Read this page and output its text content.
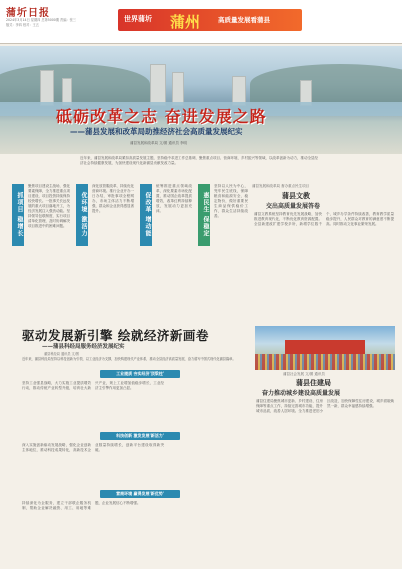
蒲圻日报
2024年3月14日 星期四 总第5000期 责编：张三 版式：李四 校对：王五
世界蒲圻 蒲州	高质量发展看蒲县
砥砺改革之志 奋进发展之路
——蒲县发展和改革局助推经济社会高质量发展纪实
蒲县发展和改革局 文/图 通讯员 李明
近年来，蒲县发展和改革局紧扣高质量发展主题，坚持稳中求进工作总基调，聚焦重点项目、营商环境、乡村振兴等领域，以改革创新为动力，推动全县经济社会持续健康发展，为加快建设现代化新蒲县贡献发改力量。
抓项目 稳增长
聚焦项目建设主战场，强化要素保障，全力推进重点项目建设，项目投资持续保持较快增长。一批事关长远发展的重大项目落地开工，为经济发展注入强劲动能。坚持领导包联制度，实行项目清单化管理，及时协调解决项目推进中的困难问题。	优环境 激活力
深化放管服改革，持续优化营商环境。推行企业开办一日办结，审批事项全程网办，市场主体活力不断增强，群众和企业获得感显著提升。	促改革 增动能
统筹推进重点领域改革，深化要素市场化配置，推动国企改革提质增效，改革红利持续释放，发展动力更加充沛。	惠民生 保稳定
坚持以人民为中心，兜牢民生底线，保障粮食和能源安全，稳定物价，做好重要民生商品保供稳价工作，群众生活持续改善。
蒲县发展和改革局 督办重点民生项目
蒲县文教
交出高质量发展答卷
蒲县文教系统坚持教育优先发展战略，加快推进教育现代化，不断优化教育资源配置。全县新建改扩建学校多所，新增学位数千个，城乡办学条件持续改善，教育教学质量稳步提升，人民群众对教育的满意度不断提高。同时推动文化事业繁荣发展。
驱动发展新引擎 绘就经济新画卷
——蒲县科经局服务经济发展纪实
蒲县科经局 通讯员 文/图
近年来，蒲县科经局坚持以科技创新为引领，以工业经济为支撑，加快构建现代产业体系，推动全县经济高质量发展，奋力谱写中国式现代化蒲县篇章。
工业提质 夯实经济'顶梁柱'
坚持工业强县战略，大力实施工业提质增效行动，推动传统产业转型升级，培育壮大新兴产业，规上工业增加值稳步增长，工业经济主引擎作用更加凸显。
科技创新 激发发展'新活力'
深入实施创新驱动发展战略，强化企业创新主体地位，推动科技成果转化，高新技术企业数量持续增长，创新平台建设取得新突破。
营商环境 赢得发展'新优势'
持续深化为企服务，建立干部联企服务机制，帮助企业解决融资、用工、用地等难题，企业发展信心不断增强。
蒲县社会发展 文/图 通讯员
蒲县住建局
奋力推动城乡建设高质量发展
蒲县住建局聚焦城市更新、乡村建设、住房保障等重点工作，持续完善城市功能，提升城市品质，改善人居环境。全力推进老旧小区改造，加快保障性住房建设，城乡面貌焕然一新，群众幸福感持续增强。
